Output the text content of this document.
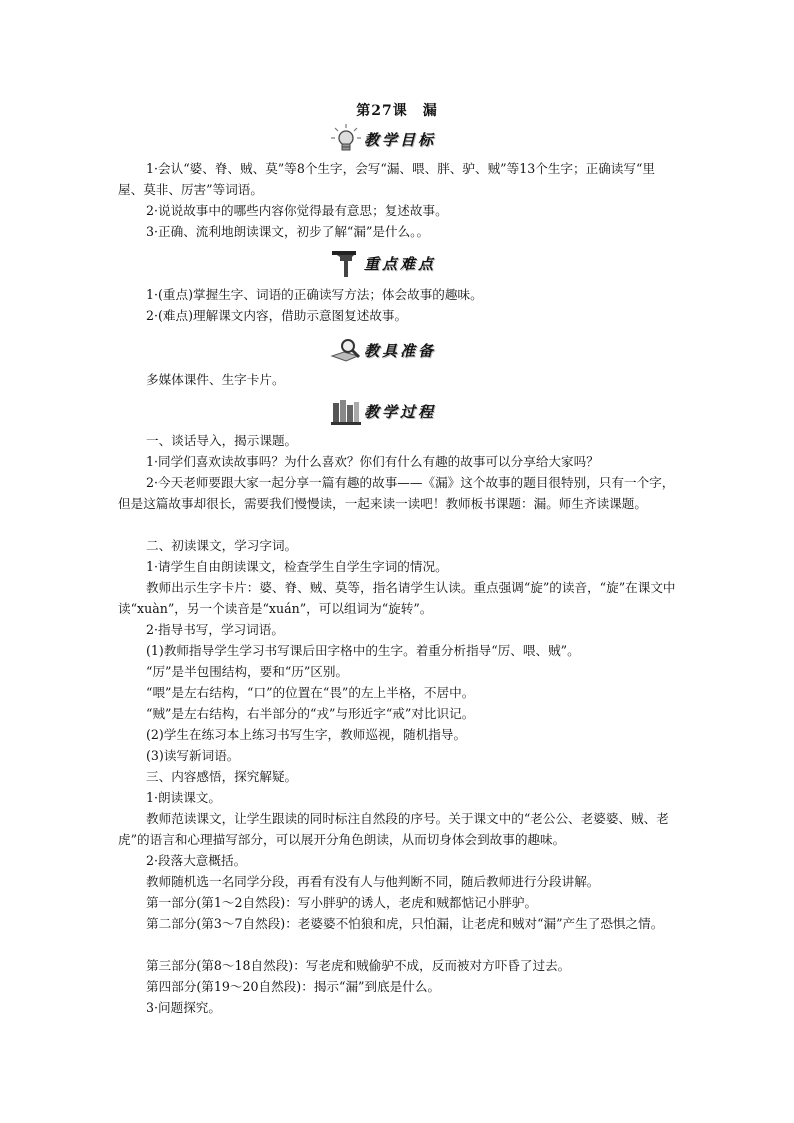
第27课　漏
教学目标
1·会认“婆、脊、贼、莫”等8个生字，会写“漏、喂、胖、驴、贼”等13个生字；正确读写“里屋、莫非、厉害”等词语。
2·说说故事中的哪些内容你觉得最有意思；复述故事。
3·正确、流利地朗读课文，初步了解“漏”是什么。。
重点难点
1·(重点)掌握生字、词语的正确读写方法；体会故事的趣味。
2·(难点)理解课文内容，借助示意图复述故事。
教具准备
多媒体课件、生字卡片。
教学过程
一、谈话导入，揭示课题。
1·同学们喜欢读故事吗？为什么喜欢？你们有什么有趣的故事可以分享给大家吗？
2·今天老师要跟大家一起分享一篇有趣的故事——《漏》这个故事的题目很特别，只有一个字，但是这篇故事却很长，需要我们慢慢读，一起来读一读吧！教师板书课题：漏。师生齐读课题。
二、初读课文，学习字词。
1·请学生自由朗读课文，检查学生自学生字词的情况。
教师出示生字卡片：婆、脊、贼、莫等，指名请学生认读。重点强调“旋”的读音，“旋”在课文中读“xuàn”，另一个读音是“xuán”，可以组词为“旋转”。
2·指导书写，学习词语。
(1)教师指导学生学习书写课后田字格中的生字。着重分析指导“厉、喂、贼”。
“厉”是半包围结构，要和“历”区别。
“喂”是左右结构，“口”的位置在“畏”的左上半格，不居中。
“贼”是左右结构，右半部分的“戎”与形近字“戒”对比识记。
(2)学生在练习本上练习书写生字，教师巡视，随机指导。
(3)读写新词语。
三、内容感悟，探究解疑。
1·朗读课文。
教师范读课文，让学生跟读的同时标注自然段的序号。关于课文中的“老公公、老婆婆、贼、老虎”的语言和心理描写部分，可以展开分角色朗读，从而切身体会到故事的趣味。
2·段落大意概括。
教师随机选一名同学分段，再看有没有人与他判断不同，随后教师进行分段讲解。
第一部分(第1～2自然段)：写小胖驴的诱人，老虎和贼都惦记小胖驴。
第二部分(第3～7自然段)：老婆婆不怕狼和虎，只怕漏，让老虎和贼对“漏”产生了恐惧之情。
第三部分(第8～18自然段)：写老虎和贼偷驴不成，反而被对方吓昏了过去。
第四部分(第19～20自然段)：揭示“漏”到底是什么。
3·问题探究。
